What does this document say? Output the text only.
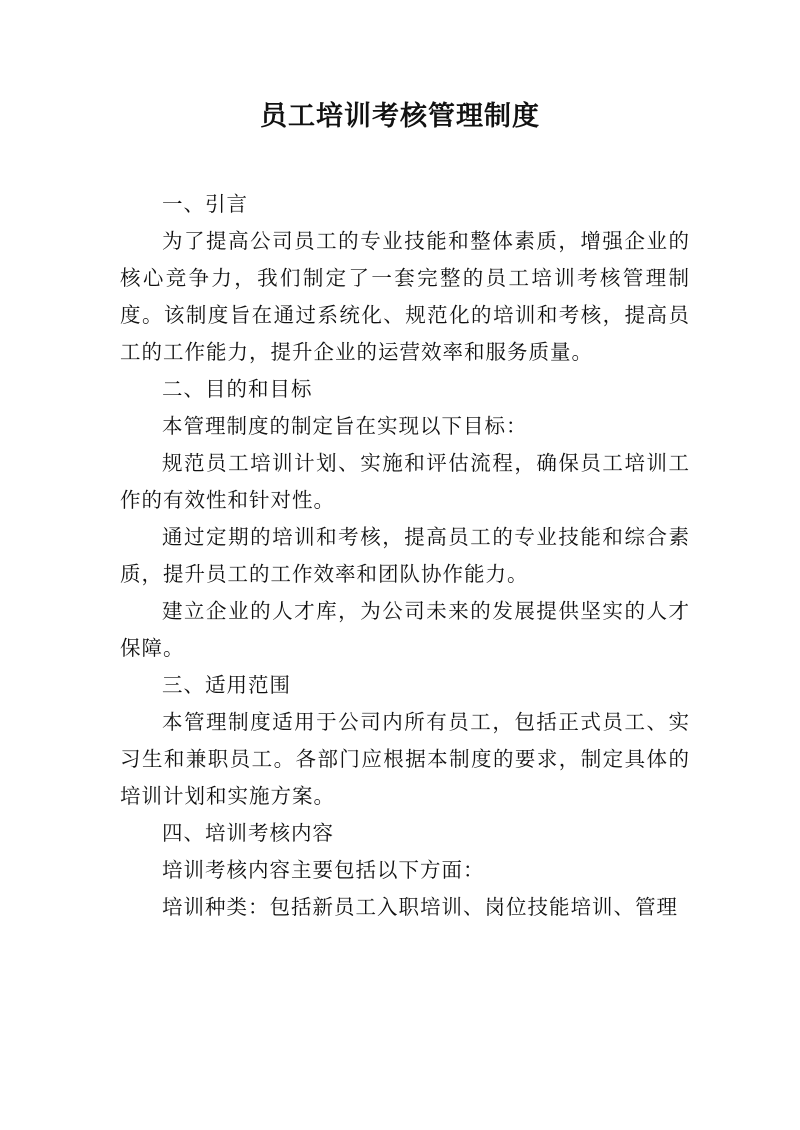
员工培训考核管理制度

一、引言

为了提高公司员工的专业技能和整体素质，增强企业的核心竞争力，我们制定了一套完整的员工培训考核管理制度。该制度旨在通过系统化、规范化的培训和考核，提高员工的工作能力，提升企业的运营效率和服务质量。

二、目的和目标

本管理制度的制定旨在实现以下目标：

规范员工培训计划、实施和评估流程，确保员工培训工作的有效性和针对性。

通过定期的培训和考核，提高员工的专业技能和综合素质，提升员工的工作效率和团队协作能力。

建立企业的人才库，为公司未来的发展提供坚实的人才保障。

三、适用范围

本管理制度适用于公司内所有员工，包括正式员工、实习生和兼职员工。各部门应根据本制度的要求，制定具体的培训计划和实施方案。

四、培训考核内容

培训考核内容主要包括以下方面：

培训种类：包括新员工入职培训、岗位技能培训、管理
